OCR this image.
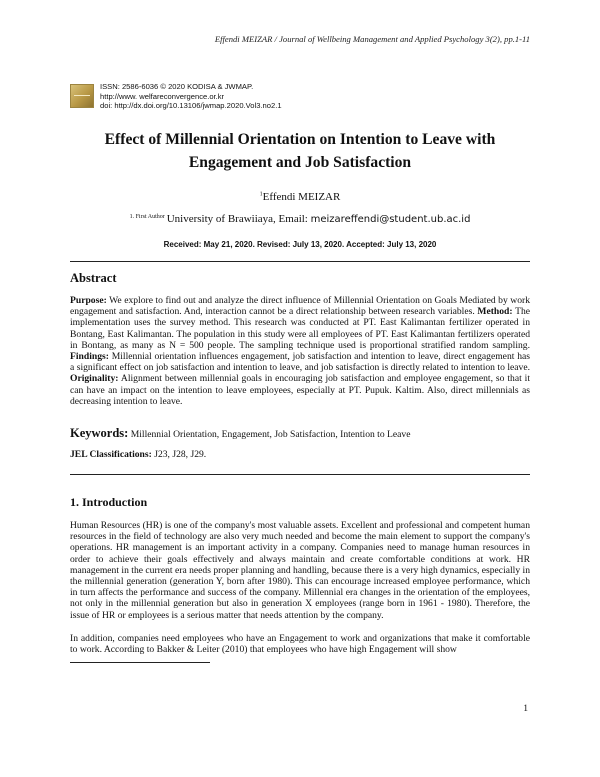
Effendi MEIZAR / Journal of Wellbeing Management and Applied Psychology 3(2), pp.1-11
ISSN: 2586-6036 © 2020 KODISA & JWMAP.
http://www. welfareconvergence.or.kr
doi: http://dx.doi.org/10.13106/jwmap.2020.Vol3.no2.1
Effect of Millennial Orientation on Intention to Leave with
Engagement and Job Satisfaction
$^1$Effendi MEIZAR
$^{1. First Author}$ University of Brawiiaya, Email: meizareffendi@student.ub.ac.id
Received: May 21, 2020. Revised: July 13, 2020. Accepted: July 13, 2020
Abstract
Purpose: We explore to find out and analyze the direct influence of Millennial Orientation on Goals Mediated by work engagement and satisfaction. And, interaction cannot be a direct relationship between research variables. Method: The implementation uses the survey method. This research was conducted at PT. East Kalimantan fertilizer operated in Bontang, East Kalimantan. The population in this study were all employees of PT. East Kalimantan fertilizers operated in Bontang, as many as N = 500 people. The sampling technique used is proportional stratified random sampling. Findings: Millennial orientation influences engagement, job satisfaction and intention to leave, direct engagement has a significant effect on job satisfaction and intention to leave, and job satisfaction is directly related to intention to leave. Originality: Alignment between millennial goals in encouraging job satisfaction and employee engagement, so that it can have an impact on the intention to leave employees, especially at PT. Pupuk. Kaltim. Also, direct millennials as decreasing intention to leave.
Keywords: Millennial Orientation, Engagement, Job Satisfaction, Intention to Leave
JEL Classifications: J23, J28, J29.
1. Introduction
Human Resources (HR) is one of the company's most valuable assets. Excellent and professional and competent human resources in the field of technology are also very much needed and become the main element to support the company's operations. HR management is an important activity in a company. Companies need to manage human resources in order to achieve their goals effectively and always maintain and create comfortable conditions at work. HR management in the current era needs proper planning and handling, because there is a very high dynamics, especially in the millennial generation (generation Y, born after 1980). This can encourage increased employee performance, which in turn affects the performance and success of the company. Millennial era changes in the orientation of the employees, not only in the millennial generation but also in generation X employees (range born in 1961 - 1980). Therefore, the issue of HR or employees is a serious matter that needs attention by the company.
In addition, companies need employees who have an Engagement to work and organizations that make it comfortable to work. According to Bakker & Leiter (2010) that employees who have high Engagement will show
1
